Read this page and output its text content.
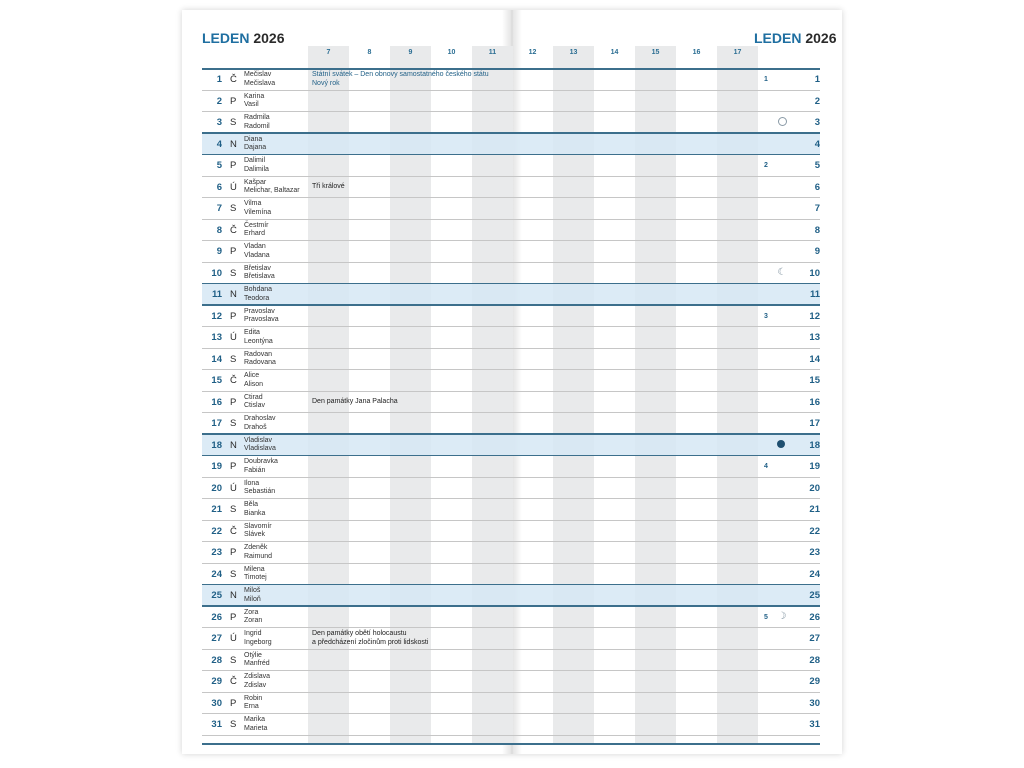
LEDEN 2026	LEDEN 2026
7	8	9	10	11	12	13	14	15	16	17
1 Č Mečislav
Mečislava
Státní svátek – Den obnovy samostatného českého státu
Nový rok	1	1
2 P Karina
Vasil	2
3 S Radmila
Radomil	3
4 N Diana
Dajana	4
5 P Dalimil
Dalimila	2	5
6 Ú Kašpar
Melichar, Baltazar
Tři králové	6
7 S Vilma
Vilemína	7
8 Č Čestmír
Erhard	8
9 P Vladan
Vladana	9
10 S Břetislav
Břetislava	☾	10
11 N Bohdana
Teodora	11
12 P Pravoslav
Pravoslava	3	12
13 Ú Edita
Leontýna	13
14 S Radovan
Radovana	14
15 Č Alice
Alison	15
16 P Ctirad
Ctislav
Den památky Jana Palacha	16
17 S Drahoslav
Drahoš	17
18 N Vladislav
Vladislava	18
19 P Doubravka
Fabián	4	19
20 Ú Ilona
Sebastián	20
21 S Běla
Bianka	21
22 Č Slavomír
Slávek	22
23 P Zdeněk
Raimund	23
24 S Milena
Timotej	24
25 N Miloš
Miloň	25
26 P Zora
Zoran	5 ☽	26
27 Ú Ingrid
Ingeborg
Den památky obětí holocaustu
a předcházení zločinům proti lidskosti	27
28 S Otýlie
Manfréd	28
29 Č Zdislava
Zdislav	29
30 P Robin
Erna	30
31 S Marika
Marieta	31
